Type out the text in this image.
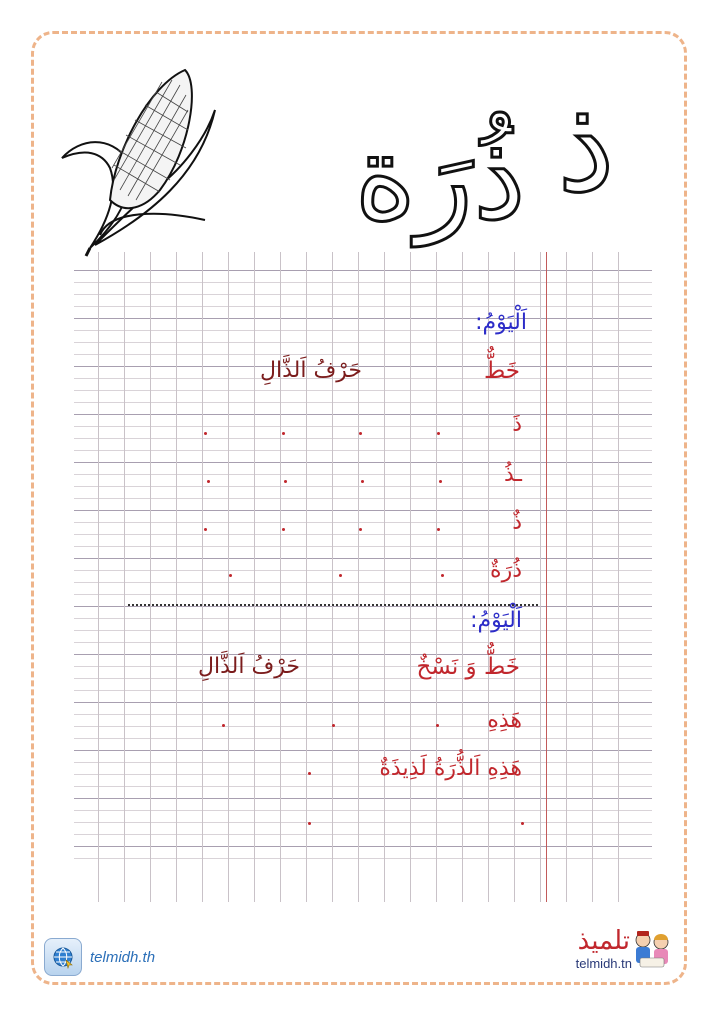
ذُرَة ذ
اَلْيَوْمُ:
خَطٌّ
حَرْفُ اَلذَّالِ
ذَ
ـذُ
ذٌ
ذُرَةٌ
اَلْيَوْمُ:
خَطٌّ وَ نَسْخٌ
حَرْفُ اَلذَّالِ
هَذِهِ
هَذِهِ اَلذُّرَةُ لَذِيذَةٌ
telmidh.th
تلميذ
telmidh.tn
